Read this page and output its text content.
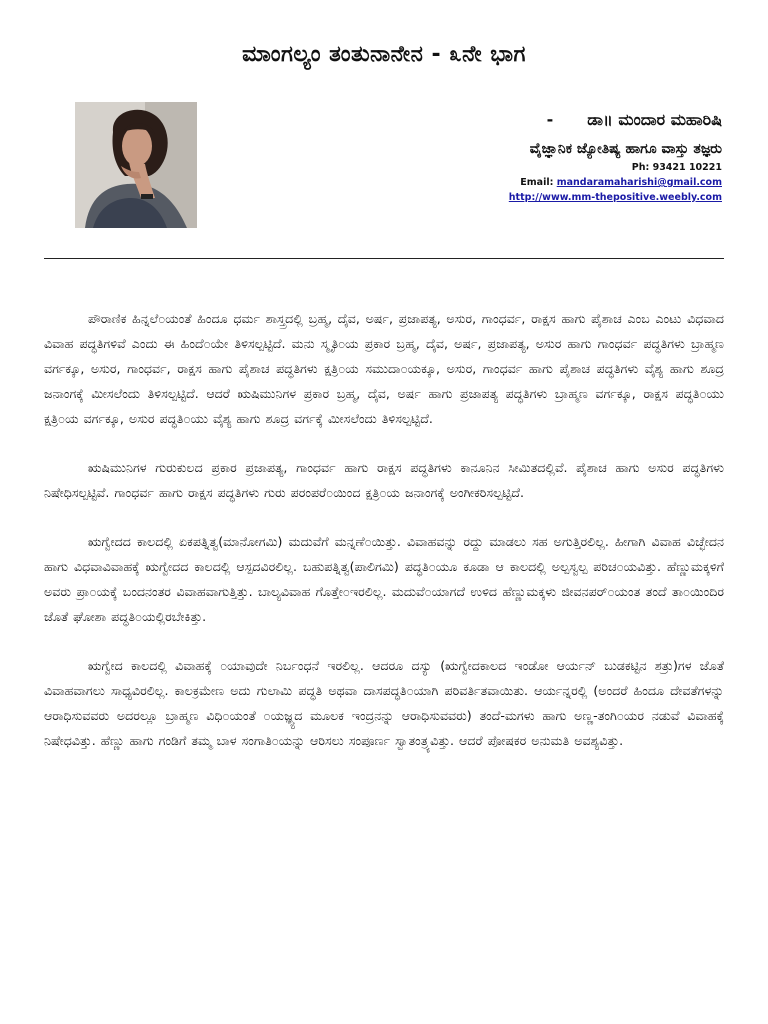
ಮಾಂಗಲ್ಯಂ ತಂತುನಾನೇನ - ೩ನೇ ಭಾಗ
- ಡಾ॥ ಮಂದಾರ ಮಹಾರಿಷಿ
ವೈಜ್ಞಾನಿಕ ಜ್ಯೋತಿಷ್ಯ ಹಾಗೂ ವಾಸ್ತು ತಜ್ಞರು
Ph: 93421 10221
Email: mandaramaharishi@gmail.com
http://www.mm-thepositive.weebly.com

ಪೌರಾಣಿಕ ಹಿನ್ನಲೆ೦ಯಂತೆ ಹಿಂದೂ ಧರ್ಮ ಶಾಸ್ತ್ರದಲ್ಲಿ ಬ್ರಹ್ಮ, ದೈವ, ಅರ್ಷ, ಪ್ರಜಾಪತ್ಯ, ಅಸುರ, ಗಾಂಧರ್ವ, ರಾಕ್ಷಸ ಹಾಗು ಪೈಶಾಚ ಎಂಬ ಎಂಟು ವಿಧವಾದ ವಿವಾಹ ಪದ್ಧತಿಗಳಿವೆ ಎಂದು ಈ ಹಿಂದೆ೦ಯೇ ತಿಳಿಸಲ್ಪಟ್ಟಿದೆ. ಮನು ಸ್ಮೃತಿ೦ಯ ಪ್ರಕಾರ ಬ್ರಹ್ಮ, ದೈವ, ಅರ್ಷ, ಪ್ರಜಾಪತ್ಯ, ಅಸುರ ಹಾಗು ಗಾಂಧರ್ವ ಪದ್ಧತಿಗಳು ಬ್ರಾಹ್ಮಣ ವರ್ಗಕ್ಕೂ, ಅಸುರ, ಗಾಂಧರ್ವ, ರಾಕ್ಷಸ ಹಾಗು ಪೈಶಾಚ ಪದ್ಧತಿಗಳು ಕ್ಷತ್ರಿ೦ಯ ಸಮುದಾ೦ಯಕ್ಕೂ, ಅಸುರ, ಗಾಂಧರ್ವ ಹಾಗು ಪೈಶಾಚ ಪದ್ಧತಿಗಳು ವೈಶ್ಯ ಹಾಗು ಶೂದ್ರ ಜನಾಂಗಕ್ಕೆ ಮೀಸಲೆಂದು ತಿಳಿಸಲ್ಪಟ್ಟಿದೆ. ಆದರೆ ಋಷಿಮುನಿಗಳ ಪ್ರಕಾರ ಬ್ರಹ್ಮ, ದೈವ, ಅರ್ಷ ಹಾಗು ಪ್ರಜಾಪತ್ಯ ಪದ್ಧತಿಗಳು ಬ್ರಾಹ್ಮಣ ವರ್ಗಕ್ಕೂ, ರಾಕ್ಷಸ ಪದ್ಧತಿ೦ಯು ಕ್ಷತ್ರಿ೦ಯ ವರ್ಗಕ್ಕೂ, ಅಸುರ ಪದ್ಧತಿ೦ಯು ವೈಶ್ಯ ಹಾಗು ಶೂದ್ರ ವರ್ಗಕ್ಕೆ ಮೀಸಲೆಂದು ತಿಳಿಸಲ್ಪಟ್ಟಿದೆ.

ಋಷಿಮುನಿಗಳ ಗುರುಕುಲದ ಪ್ರಕಾರ ಪ್ರಜಾಪತ್ಯ, ಗಾಂಧರ್ವ ಹಾಗು ರಾಕ್ಷಸ ಪದ್ಧತಿಗಳು ಕಾನೂನಿನ ಸೀಮಿತದಲ್ಲಿವೆ. ಪೈಶಾಚ ಹಾಗು ಅಸುರ ಪದ್ಧತಿಗಳು ನಿಷೇಧಿಸಲ್ಪಟ್ಟಿವೆ. ಗಾಂಧರ್ವ ಹಾಗು ರಾಕ್ಷಸ ಪದ್ಧತಿಗಳು ಗುರು ಪರಂಪರೆ೦ಯಿಂದ ಕ್ಷತ್ರಿ೦ಯ ಜನಾಂಗಕ್ಕೆ ಅಂಗೀಕರಿಸಲ್ಪಟ್ಟಿದೆ.

ಋಗ್ವೇದದ ಕಾಲದಲ್ಲಿ ಏಕಪತ್ನಿತ್ವ(ಮಾನೋಗಮಿ) ಮದುವೆಗೆ ಮನ್ನಣೆ೦ಯಿತ್ತು. ವಿವಾಹವನ್ನು ರದ್ದು ಮಾಡಲು ಸಹ ಅಗುತ್ತಿರಲಿಲ್ಲ. ಹೀಗಾಗಿ ವಿವಾಹ ವಿಚ್ಛೇದನ ಹಾಗು ವಿಧವಾವಿವಾಹಕ್ಕೆ ಋಗ್ವೇದದ ಕಾಲದಲ್ಲಿ ಆಸ್ಪದವಿರಲಿಲ್ಲ. ಬಹುಪತ್ನಿತ್ವ(ಪಾಲಿಗಮಿ) ಪದ್ಧತಿ೦ಯೂ ಕೂಡಾ ಆ ಕಾಲದಲ್ಲಿ ಅಲ್ಪಸ್ವಲ್ಪ ಪರಿಚ೦ಯವಿತ್ತು. ಹೆಣ್ಣುಮಕ್ಕಳಿಗೆ ಅವರು ಪ್ರಾ೦ಯಕ್ಕೆ ಬಂದನಂತರ ವಿವಾಹವಾಗುತ್ತಿತ್ತು. ಬಾಲ್ಯವಿವಾಹ ಗೊತ್ತೇ೦ಇರಲಿಲ್ಲ. ಮದುವೆ೦ಯಾಗದೆ ಉಳಿದ ಹೆಣ್ಣುಮಕ್ಕಳು ಜೀವನಪರ್೦ಯಂತ ತಂದೆ ತಾ೦ಯಿಂದಿರ ಜೊತೆ ಘೋಶಾ ಪದ್ಧತಿ೦ಯಲ್ಲಿರಬೇಕಿತ್ತು.

ಋಗ್ವೇದ ಕಾಲದಲ್ಲಿ ವಿವಾಹಕ್ಕೆ ೦ಯಾವುದೇ ನಿರ್ಬಂಧನೆ ಇರಲಿಲ್ಲ. ಆದರೂ ದಸ್ಯು (ಋಗ್ವೇದಕಾಲದ ಇಂಡೋ ಆರ್ಯನ್ ಬುಡಕಟ್ಟಿನ ಶತ್ರು)ಗಳ ಜೊತೆ ವಿವಾಹವಾಗಲು ಸಾಧ್ಯವಿರಲಿಲ್ಲ. ಕಾಲಕ್ರಮೇಣ ಅದು ಗುಲಾಮಿ ಪದ್ಧತಿ ಅಥವಾ ದಾಸಪದ್ಧತಿ೦ಯಾಗಿ ಪರಿವರ್ತಿತವಾಯಿತು. ಆರ್ಯನ್ನರಲ್ಲಿ (ಅಂದರೆ ಹಿಂದೂ ದೇವತೆಗಳನ್ನು ಆರಾಧಿಸುವವರು ಅದರಲ್ಲೂ ಬ್ರಾಹ್ಮಣ ವಿಧಿ೦ಯಂತೆ ೦ಯಜ್ಞ್ಯದ ಮೂಲಕ ಇಂದ್ರನನ್ನು ಆರಾಧಿಸುವವರು) ತಂದೆ-ಮಗಳು ಹಾಗು ಅಣ್ಣ-ತಂಗಿ೦ಯರ ನಡುವೆ ವಿವಾಹಕ್ಕೆ ನಿಷೇಧವಿತ್ತು. ಹೆಣ್ಣು ಹಾಗು ಗಂಡಿಗೆ ತಮ್ಮ ಬಾಳ ಸಂಗಾತಿ೦ಯನ್ನು ಆರಿಸಲು ಸಂಪೂರ್ಣ ಸ್ವಾತಂತ್ರ್ಯವಿತ್ತು. ಆದರೆ ಪೋಷಕರ ಅನುಮತಿ ಅವಶ್ಯವಿತ್ತು.
